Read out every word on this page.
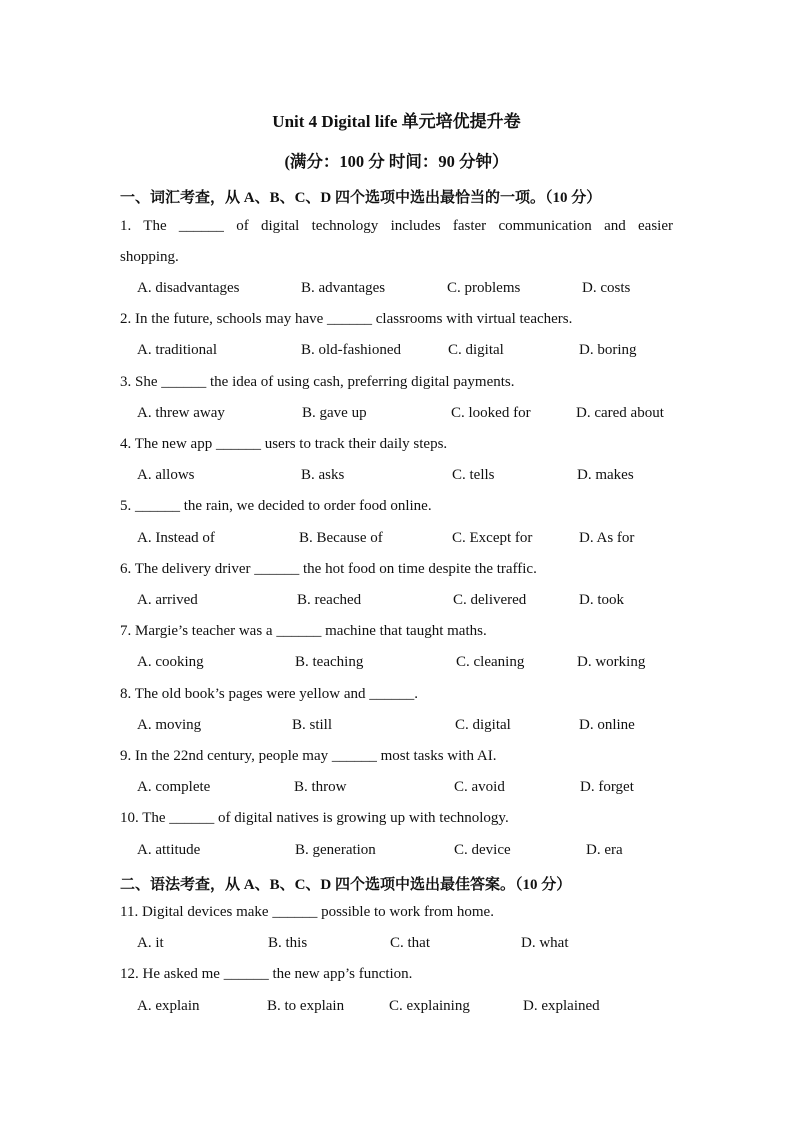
Unit 4 Digital life 单元培优提升卷
(满分：100 分 时间：90 分钟）
一、词汇考查，从 A、B、C、D 四个选项中选出最恰当的一项。（10 分）
1. The ______ of digital technology includes faster communication and easier
shopping.
A. disadvantages	B. advantages	C. problems	D. costs
2. In the future, schools may have ______ classrooms with virtual teachers.
A. traditional	B. old-fashioned	C. digital	D. boring
3. She ______ the idea of using cash, preferring digital payments.
A. threw away	B. gave up	C. looked for	D. cared about
4. The new app ______ users to track their daily steps.
A. allows	B. asks	C. tells	D. makes
5. ______ the rain, we decided to order food online.
A. Instead of	B. Because of	C. Except for	D. As for
6. The delivery driver ______ the hot food on time despite the traffic.
A. arrived	B. reached	C. delivered	D. took
7. Margie’s teacher was a ______ machine that taught maths.
A. cooking	B. teaching	C. cleaning	D. working
8. The old book’s pages were yellow and ______.
A. moving	B. still	C. digital	D. online
9. In the 22nd century, people may ______ most tasks with AI.
A. complete	B. throw	C. avoid	D. forget
10. The ______ of digital natives is growing up with technology.
A. attitude	B. generation	C. device	D. era
二、语法考查，从 A、B、C、D 四个选项中选出最佳答案。（10 分）
11. Digital devices make ______ possible to work from home.
A. it	B. this	C. that	D. what
12. He asked me ______ the new app’s function.
A. explain	B. to explain	C. explaining	D. explained
